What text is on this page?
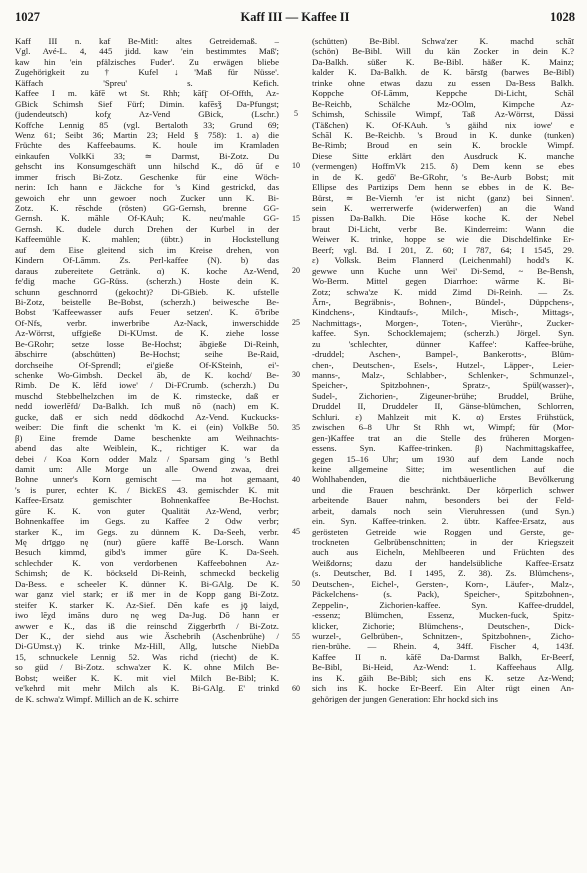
1027	Kaff III — Kaffee II	1028
Kaff III n. kaf Be-Mitl: altes Getreidemaß. –
Vgl. Avé-L. 4, 445 jidd. kaw 'ein bestimmtes Maß';
kaw hin 'ein pfälzisches Fuder'. Zu erwägen bliebe
Zugehörigkeit zu † Kufel ↓ 'Maß für Nüsse'.
Käffach 'Spreu' s. Kefich.
Kaffee I m. kāfē wt St. Rhh; kāfį̄ Of-Offth, Az-
GBick Schimsh Sief Fürf; Dimin. kafēsǯ Da-Pfungst;
(judendeutsch) kofχ Az-Vend GBick, (Lschr.)
Koffche Lennig 85 (vgl. Bertaloth 33; Grund 69;
Wenz 61; Seibt 36; Martin 23; Held § 758): 1. a) die
Früchte des Kaffeebaums. K. houle im Kramladen
einkaufen VolkKi 33; ≃ Darmst, Bi-Zotz. Du
gehscht ins Konsumgeschäft unn hilschd K., dō ūf e
immer frisch Bi-Zotz. Geschenke für eine Wöch-
nerin: Ich hann e Jäckche for 's Kind gestrickd, das
gewoich ehr unn gewoer noch Zucker unn K. Bi-
Zotz. K. rēschde (rösten) GG-Gernsh, brenne GG-
Gernsh. K. māhle Of-KAuh; K. neu'mahle GG-
Gernsh. K. dudele durch Drehen der Kurbel in der
Kaffeemühle K. mahlen; (übtr.) in Hockstellung
auf dem Eise gleitend sich im Kreise drehen, von
Kindern Of-Lāmm. Zs. Perl-kaffee (N). b) das
daraus zubereitete Getränk. α) K. koche Az-Wend,
fe'dig mache GG-Rüss. (scherzh.) Hoste dein K.
schunn geschnorrd (gekocht)? Di-GBieb. K. ufstelle
Bi-Zotz, beistelle Be-Bobst, (scherzh.) beiwesche Be-
Bobst 'Kaffeewasser aufs Feuer setzen'. K. ō'bribe
Of-Nfs, verbr. inwerbribe Az-Nack, inwerschidde
Az-Wörrst, uffgieße Di-KUmst. de K. ziehe losse
Be-GRohr; setze losse Be-Hochst; ābgieße Di-Reinh,
ābschirre (abschütten) Be-Hochst; seihe Be-Raid,
dorchseihe Of-Sprendl; ei'gieße Of-KSteinh, ei'-
schenke Wo-Gimbsh. Deckel āb, de K. kochd/ Be-
Rimb. De K. lēfd iowe' / Di-FCrumb. (scherzh.) Du
muschd Stebbelhelzchen im de K. rimstecke, daß er
nedd iowerlēfd/ Da-Balkh. Ich muß nō (nach) em K.
gucke, daß er sich nedd dōdkochd Az-Vend. Kuckucks-
weiber: Die finft die schenkt 'm K. ei (ein) VolkBe 50.
β) Eine fremde Dame beschenkte am Weihnachts-
abend das alte Weiblein, K., richtiger K. war da
debei / Koa Korn odder Malz / Sparsam ging 's Bethl
damit um: Alle Morge un alle Owend zwaa, drei
Bohne unner's Korn gemischt — ma hot gemaant,
's is purer, echter K. / BickES 43. gemischder K. mit
Kaffee-Ersatz gemischter Bohnenkaffee Be-Hochst.
gūre K. K. von guter Qualität Az-Wend, verbr;
Bohnenkaffee im Gegs. zu Kaffee 2 Odw verbr;
starker K., im Gegs. zu dünnem K. Da-Seeh, verbr.
Mę drīggo nę (nur) gūere kaffē Be-Lorsch. Wann
Besuch kimmd, gibd's immer gūre K. Da-Seeh.
schlechder K. von verdorbenen Kaffeebohnen Az-
Schimsh; de K. böckseld Di-Reinh, schmeckd beckelig
Da-Bess. e scheeler K. dünner K. Bi-GAlg. De K.
war ganz viel stark; er iß mer in de Kopp gang Bi-Zotz.
steifer K. starker K. Az-Sief. Dēn kafe es jǭ laiχd,
iwo lēχd imāns duro nę weg Da-Jug. Dō hann er
awwer e K., das iß die reinschd Ziggerbrīh / Bi-Zotz.
Der K., der siehd aus wie Äschebrih (Aschenbrühe) /
Di-GUmst.γ) K. trinke Mz-Hill, Allg, lutsche NiebDa
15, schnuckele Lennig 52. Was richd (riecht) de K.
so güd / Bi-Zotz. schwa'zer K. K. ohne Milch Be-
Bobst; weißer K. K. mit viel Milch Be-Bibl; K.
ve'kehrd mit mehr Milch als K. Bi-GAlg. E' trinkd
de K. schwa'z Wimpf. Millich an de K. schirre
5
10
15
20
25
30
35
40
45
50
55
60
(schütten) Be-Bibl. Schwa'zer K. machd schāī
(schön) Be-Bibl. Will du kän Zocker in dein K.?
Da-Balkh. süßer K. Be-Bibl. häßer K. Mainz;
kalder K. Da-Balkh. de K. bārsīg (barwes Be-Bibl)
trinke ohne etwas dazu zu essen Da-Bess Balkh.
Koppche Of-Lāmm, Keppche Di-Licht, Schāl
Be-Reichb, Schälche Mz-OOlm, Kimpche Az-
Schimsh, Schissile Wimpf, Taß Az-Wörrst, Dässi
(Täßchen) K. Of-KAuh. 's gäihd nix iowe' e
Schāl K. Be-Reichb. 's Broud in K. dunke (tunken)
Be-Rimb; Broud en sein K. brockle Wimpf.
Diese Sitte erklärt den Ausdruck K. manche
(vermengen) HoffmVk 215. δ) Dem kenn se ebes
in de K. gedō' Be-GRohr, 's Be-Aurb Bobst; mit
Ellipse des Partizips Dem henn se ebbes in de K. Be-
Bürst, ≃ Be-Viernh 'er ist nicht (ganz) bei Sinnen'.
sein K. werrerwerfe (widerwerfen) an die Wand
pissen Da-Balkh. Die Hōse koche K. der Nebel
braut Di-Licht, verbr Be. Kinderreim: Wann die
Weiwer K. trinke, hoppe se wie die Dischdelfinke Er-
Beerf; vgl. Bd. I 201, Z. 60; I 787, 64; I 1545, 29.
ε) Volksk. Beim Flannerd (Leichenmahl) hodd's K.
gewwe unn Kuche unn Wei' Di-Semd, ~ Be-Bensh,
Wo-Berm. Mittel gegen Diarrhoe: wārme K. Bi-
Zotz; schwa'ze K. midd Zimd Di-Reinh. — Zs.
Ārn-, Begräbnis-, Bohnen-, Bündel-, Düppchens-,
Kindchens-, Kindtaufs-, Milch-, Misch-, Mittags-,
Nachmittags-, Morgen-, Toten-, Vierühr-, Zucker-
kaffee. Syn. Schocklemajem; (scherzh.) Jörgel. Syn.
zu 'schlechter, dünner Kaffee': Kaffee-brühe,
-druddel; Aschen-, Bampel-, Bankerotts-, Blüm-
chen-, Deutschen-, Esels-, Hutzel-, Läpper-, Leier-
manns-, Malz-, Schlabber-, Schlenker-, Schmunzel-,
Speicher-, Spitzbohnen-, Spratz-, Spül(wasser)-,
Sudel-, Zichorien-, Zigeuner-brühe; Bruddel, Brühe,
Druddel II, Druddeler II, Gänse-blümchen, Schlorren,
Schluri. ε) Mahlzeit mit K. α) Erstes Frühstück,
zwischen 6–8 Uhr St Rhh wt, Wimpf; für (Mor-
gen-)Kaffee trat an die Stelle des früheren Morgen-
essens. Syn. Kaffee-trinken. β) Nachmittagskaffee,
gegen 15–16 Uhr; um 1930 auf dem Lande noch
keine allgemeine Sitte; im wesentlichen auf die
Wohlhabenden, die nichtbäuerliche Bevölkerung
und die Frauen beschränkt. Der körperlich schwer
arbeitende Bauer nahm, besonders bei der Feld-
arbeit, damals noch sein Vieruhressen (und Syn.)
ein. Syn. Kaffee-trinken. 2. übtr. Kaffee-Ersatz, aus
gerösteten Getreide wie Roggen und Gerste, ge-
trockneten Gelbrübenschnitten; in der Kriegszeit
auch aus Eicheln, Mehlbeeren und Früchten des
Weißdorns; dazu der handelsübliche Kaffee-Ersatz
(s. Deutscher, Bd. I 1495, Z. 38). Zs. Blümchens-,
Deutschen-, Eichel-, Gersten-, Korn-, Läufer-, Malz-,
Päckelchens- (s. Pack), Speicher-, Spitzbohnen-,
Zeppelin-, Zichorien-kaffee. Syn. Kaffee-druddel,
-essenz; Blümchen, Essenz, Mucken-fuck, Spitz-
klicker, Zichorie; Blümchens-, Deutschen-, Dick-
wurzel-, Gelbrüben-, Schnitzen-, Spitzbohnen-, Zicho-
rien-brühe. — Rhein. 4, 34ff. Fischer 4, 143f.
Kaffee II n. kāfē Da-Darmst Balkh, Er-Beerf,
Be-Bibl, Bi-Heid, Az-Wend: 1. Kaffeehaus Allg.
ins K. gāih Be-Bibl; sich ens K. setze Az-Wend;
sich ins K. hocke Er-Beerf. Ein Alter rügt einen An-
gehörigen der jungen Generation: Ehr hockd sich ins
